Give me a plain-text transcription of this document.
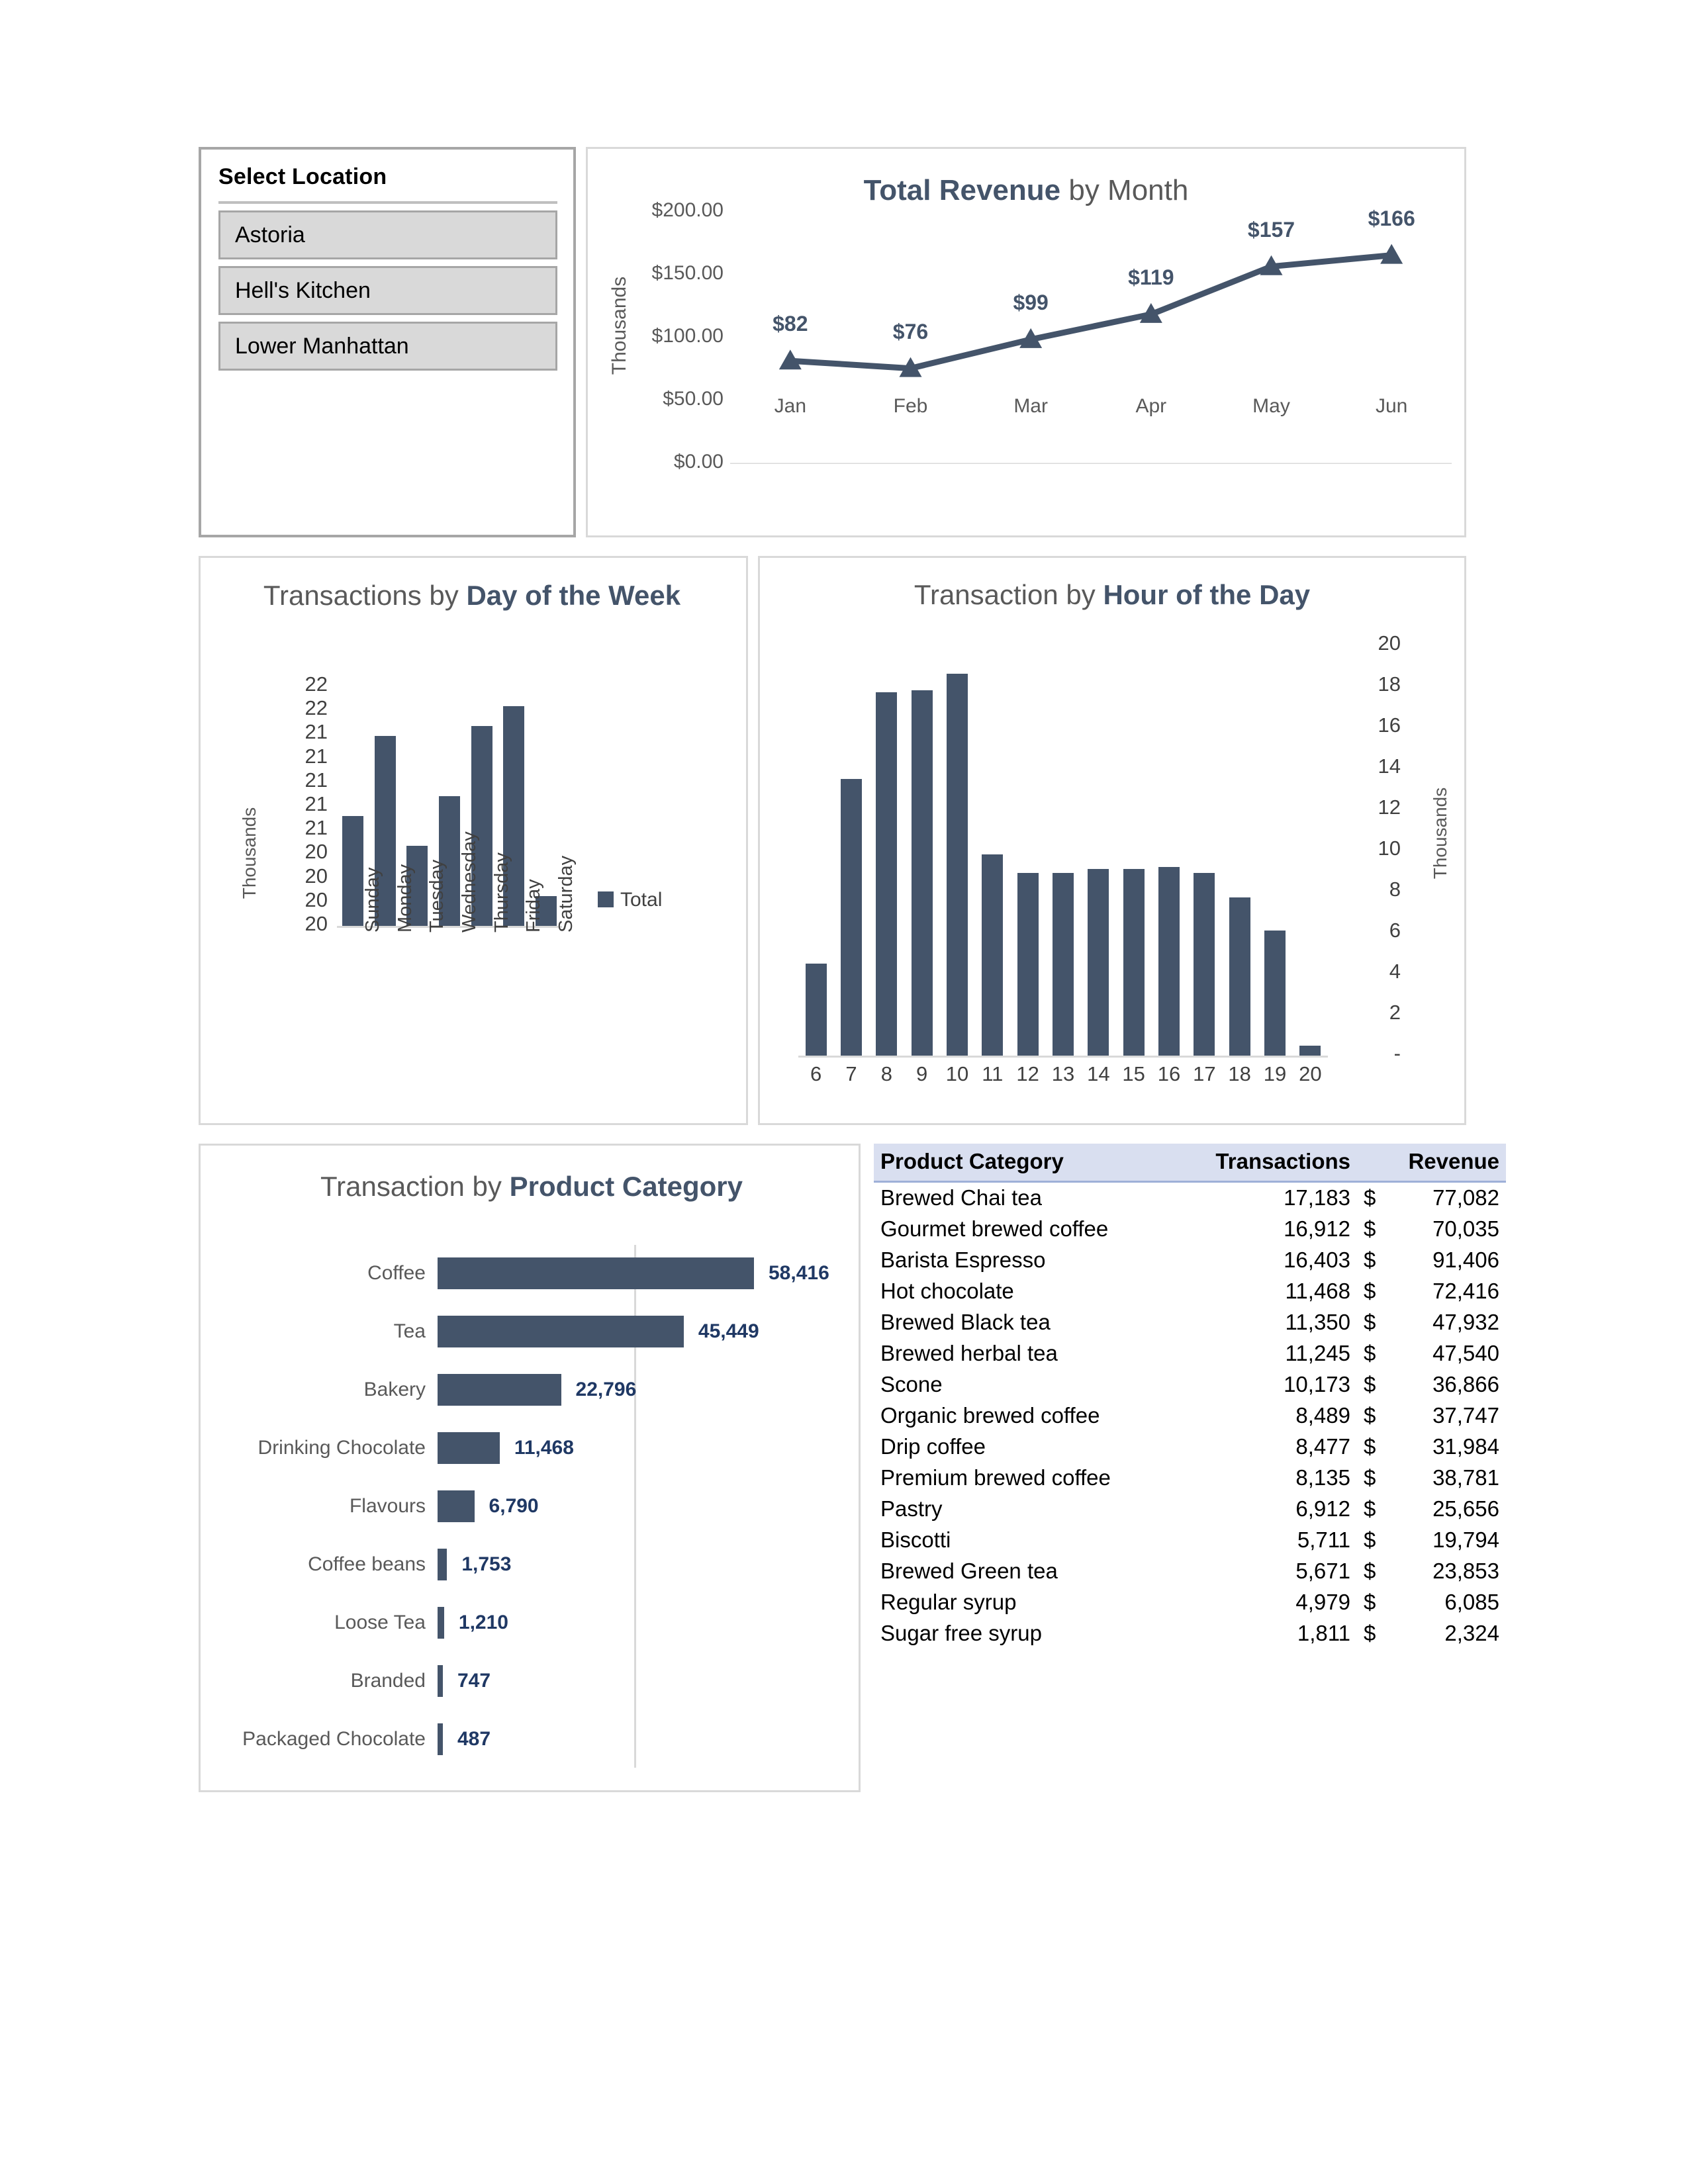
Select Location
Astoria
Hell's Kitchen
Lower Manhattan
Total Revenue by Month
Thousands
$200.00
$150.00
$100.00
$50.00
$0.00
Jan
$82
Feb
$76
Mar
$99
Apr
$119
May
$157
Jun
$166
Transactions by Day of the Week
Thousands
22
22
21
21
21
21
21
20
20
20
20 Sunday Monday Tuesday Wednesday Thursday Friday Saturday	Total
Transaction by Hour of the Day
Thousands
20
18
16
14
12
10
8
6
4
2
-
6	7	8	9 10 11 12 13 14 15 16 17 18 19 20
Transaction by Product Category
Coffee	58,416
Tea	45,449
Bakery	22,796
Drinking Chocolate	11,468
Flavours	6,790
Coffee beans 1,753
Loose Tea 1,210
Branded 747
Packaged Chocolate 487
Product Category	Transactions	Revenue
Brewed Chai tea	17,183	$ 77,082
Gourmet brewed coffee	16,912	$ 70,035
Barista Espresso	16,403	$ 91,406
Hot chocolate	11,468	$ 72,416
Brewed Black tea	11,350	$ 47,932
Brewed herbal tea	11,245	$ 47,540
Scone	10,173	$ 36,866
Organic brewed coffee	8,489	$ 37,747
Drip coffee	8,477	$ 31,984
Premium brewed coffee	8,135	$ 38,781
Pastry	6,912	$ 25,656
Biscotti	5,711	$ 19,794
Brewed Green tea	5,671	$ 23,853
Regular syrup	4,979	$ 6,085
Sugar free syrup	1,811	$ 2,324
